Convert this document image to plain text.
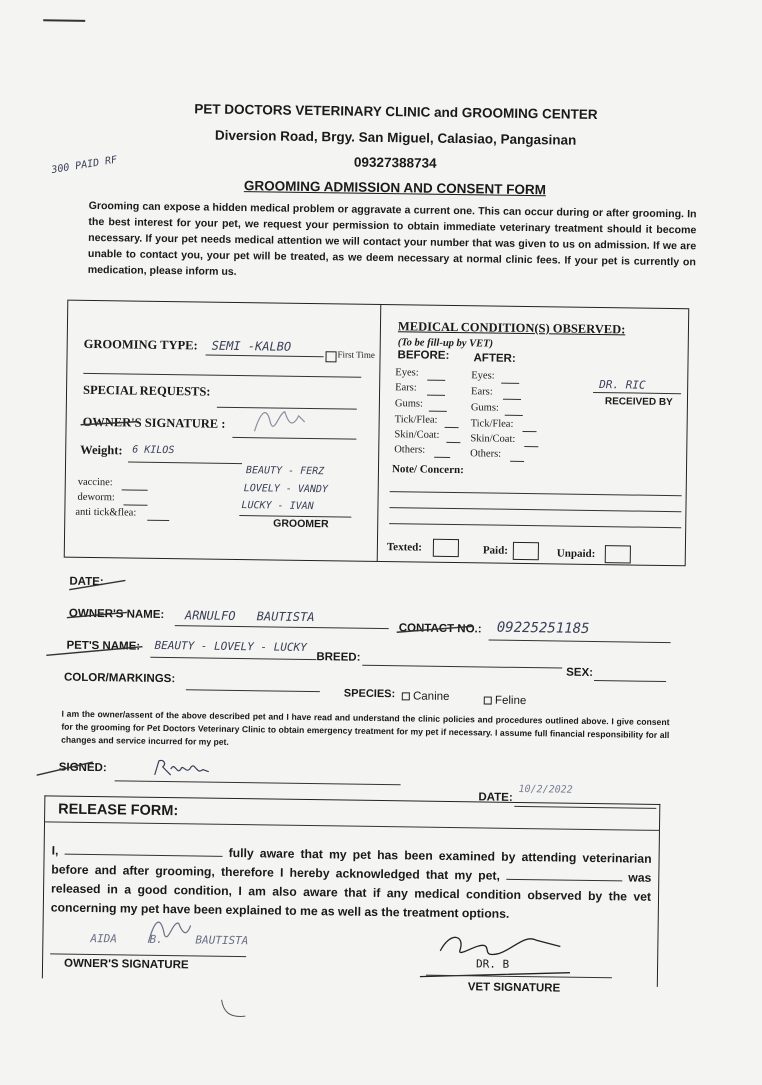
PET DOCTORS VETERINARY CLINIC and GROOMING CENTER
Diversion Road, Brgy. San Miguel, Calasiao, Pangasinan
09327388734
GROOMING ADMISSION AND CONSENT FORM
300 PAID RF
Grooming can expose a hidden medical problem or aggravate a current one. This can occur during or after grooming. In the best interest for your pet, we request your permission to obtain immediate veterinary treatment should it become necessary. If your pet needs medical attention we will contact your number that was given to us on admission. If we are unable to contact you, your pet will be treated, as we deem necessary at normal clinic fees. If your pet is currently on medication, please inform us.
GROOMING TYPE: SEMI -KALBO
First Time
SPECIAL REQUESTS:
OWNER'S SIGNATURE :
Weight: 6 KILOS
vaccine:
deworm:
anti tick&flea:
BEAUTY - FERZ
LOVELY - VANDY
LUCKY - IVAN
GROOMER
MEDICAL CONDITION(S) OBSERVED:
(To be fill-up by VET)
BEFORE: AFTER:
Eyes:
Ears:
Gums:
Tick/Flea:
Skin/Coat:
Others:
Eyes:
Ears:
Gums:
Tick/Flea:
Skin/Coat:
Others:
DR. RIC
RECEIVED BY
Note/ Concern:
Texted:	Paid:	Unpaid:
DATE:
OWNER'S NAME: ARNULFO BAUTISTA
CONTACT NO.: 09225251185
PET'S NAME: BEAUTY - LOVELY - LUCKY
BREED:
SEX:
COLOR/MARKINGS:
SPECIES:	Canine	Feline
I am the owner/assent of the above described pet and I have read and understand the clinic policies and procedures outlined above. I give consent for the grooming for Pet Doctors Veterinary Clinic to obtain emergency treatment for my pet if necessary. I assume full financial responsibility for all changes and service incurred for my pet.
SIGNED:
DATE:
10/2/2022
RELEASE FORM:
I,	fully aware that my pet has been examined by attending veterinarian before and after grooming, therefore I hereby acknowledged that my pet,	was released in a good condition, I am also aware that if any medical condition observed by the vet concerning my pet have been explained to me as well as the treatment options.
AIDA B. BAUTISTA
OWNER'S SIGNATURE	DR. B
VET SIGNATURE
